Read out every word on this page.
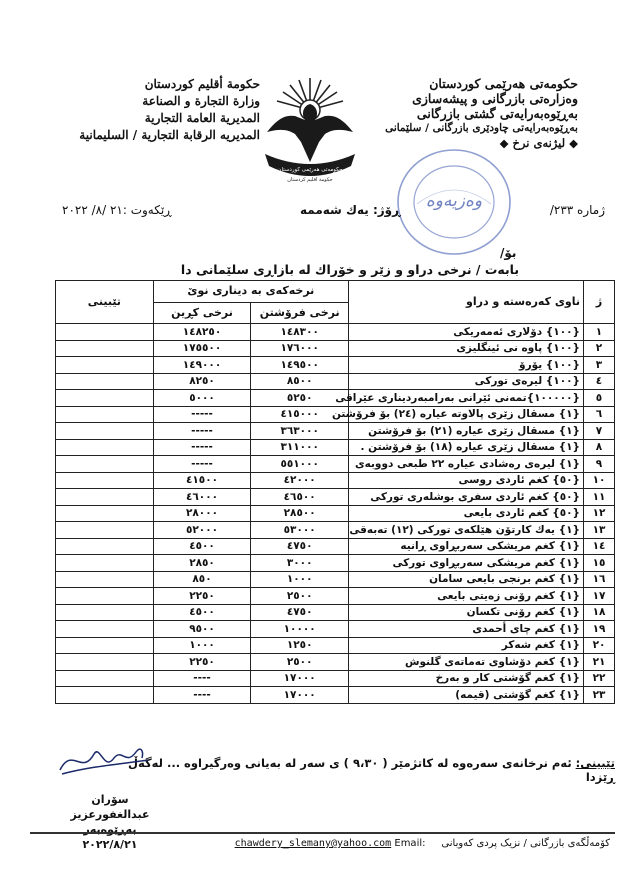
حکومەتی هەرێمی کوردستان
وەزارەتی بازرگانی و پیشەسازی
بەڕێوەبەرایەتی گشتی بازرگانی
بەڕێوەبەرایەتی چاودێری بازرگانی / سلێمانی
◆ لیژنەی نرخ ◆
حكومة أقليم كوردستان
وزارة التجارة و الصناعة
المديرية العامة التجارية
المديريه الرقابة التجارية / السليمانية
حكومەتی هەرێمی کوردستان
حكومة اقليم كردستان
وەزیەوە	ژمارە ٢٣٣/
ڕۆژ: یەك شەممە
ڕێكەوت :٢١ /٨/ ٢٠٢٢
بۆ/
بابەت / نرخی دراو و زێر و خۆراك لە بازاڕی سلێمانی دا
ژ	ناوی کەرەستە و دراو	نرخەکەی بە دیناری نوێ		تێبینی
		نرخی فرۆشتن	نرخی کڕین	
١	{١٠٠} دۆلاری ئەمەریکی	١٤٨٣٠٠	١٤٨٢٥٠	
٢	{١٠٠} پاوە نی ئینگلیزی	١٧٦٠٠٠	١٧٥٥٠٠	
٣	{١٠٠} یۆرۆ	١٤٩٥٠٠	١٤٩٠٠٠	
٤	{١٠٠} لیرەی تورکی	٨٥٠٠	٨٢٥٠	
٥	{١٠٠٠٠٠}تمەنی ئێرانی بەرامبەردیناری عێراقی	٥٢٥٠	٥٠٠٠	
٦	{١} مسقال زێری پالاوتە عیارە (٢٤) بۆ فرۆشتن	٤١٥٠٠٠	-----	
٧	{١} مسقال زێری عیارە (٢١) بۆ فرۆشتن	٣٦٣٠٠٠	-----	
٨	{١} مسقال زێری عیارە (١٨) بۆ فرۆشتن .	٣١١٠٠٠	-----	
٩	{١} لیرەی رەشادی عیارە ٢٢ طبعی دووبەی	٥٥١٠٠٠	-----	
١٠	{٥٠} کغم ئاردی روسی	٤٢٠٠٠	٤١٥٠٠	
١١	{٥٠} کغم ئاردی سفری بوشلەری تورکی	٤٦٥٠٠	٤٦٠٠٠	
١٢	{٥٠} کغم ئاردی بایعی	٢٨٥٠٠	٢٨٠٠٠	
١٣	{١} یەك کارتۆن هێلکەی تورکی (١٢) تەبەقی	٥٣٠٠٠	٥٢٠٠٠	
١٤	{١} کغم مریشکی سەربڕاوی ڕانیە	٤٧٥٠	٤٥٠٠	
١٥	{١} کغم مریشکی سەربڕاوی تورکی	٣٠٠٠	٢٨٥٠	
١٦	{١} کغم برنجی بایعی سامان	١٠٠٠	٨٥٠	
١٧	{١} کغم رۆنی زەیتی بایعی	٢٥٠٠	٢٢٥٠	
١٨	{١} کغم رۆنی تکسان	٤٧٥٠	٤٥٠٠	
١٩	{١} کغم چای أحمدی	١٠٠٠٠	٩٥٠٠	
٢٠	{١} کغم شەکر	١٢٥٠	١٠٠٠	
٢١	{١} کغم دۆشاوی تەماتەی گلنوش	٢٥٠٠	٢٢٥٠	
٢٢	{١} کغم گۆشتی کار و بەرخ	١٧٠٠٠	----	
٢٣	{١} کغم گۆشتی (قیمە)	١٧٠٠٠	----	
تێبینی: ئەم نرخانەی سەرەوە لە کاتژمێر ( ٩،٣٠ ) ی سەر لە بەیانی وەرگیراوە ... لەگەڵ ڕێزدا
سۆران عبدالغفورعزیز
بەڕێوەبەر
٢٠٢٢/٨/٢١	کۆمەڵگەی بازرگانی / نزیک پردی کەوبانی     chawdery_slemany@yahoo.com Email:
